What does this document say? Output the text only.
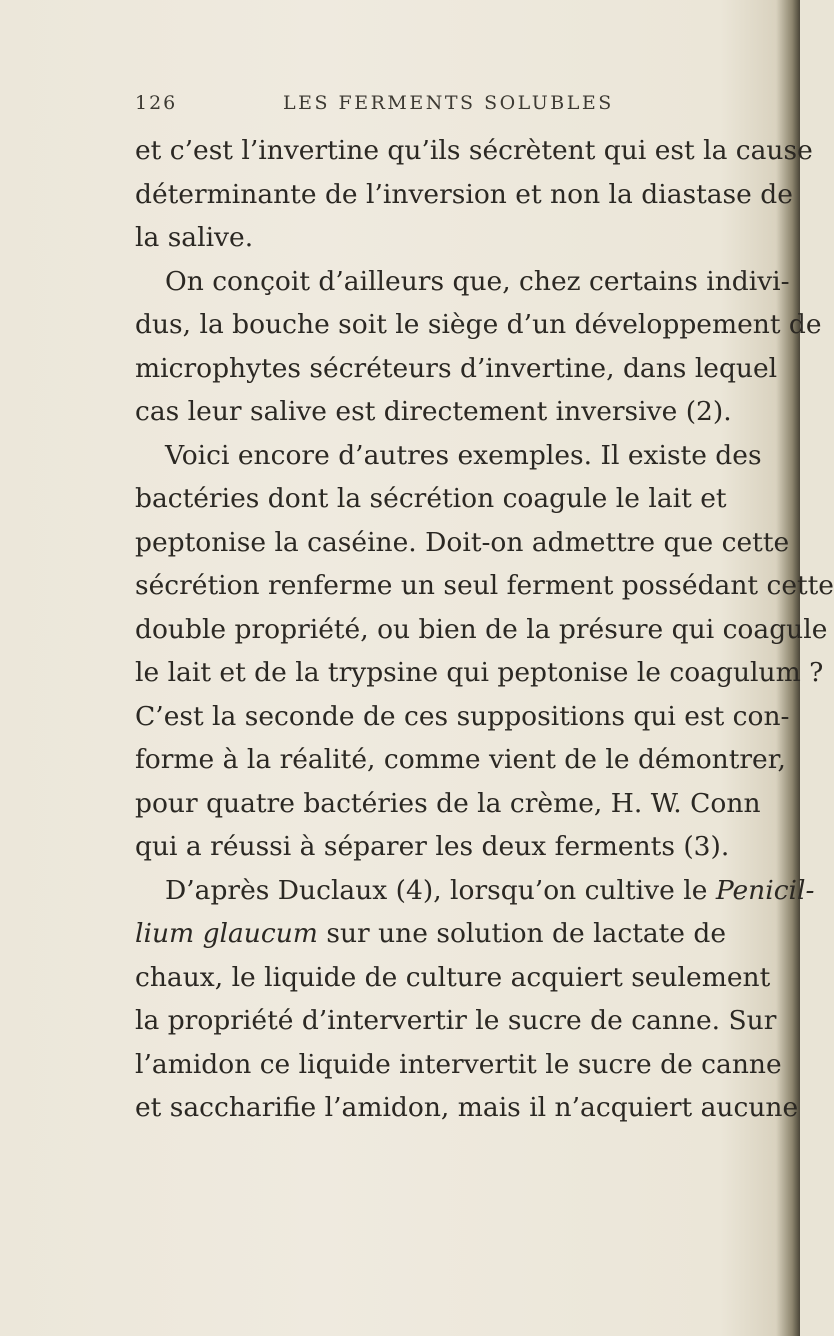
126	LES FERMENTS SOLUBLES

et c’est l’invertine qu’ils sécrètent qui est la cause
déterminante de l’inversion et non la diastase de
la salive.

On conçoit d’ailleurs que, chez certains indivi-
dus, la bouche soit le siège d’un développement de
microphytes sécréteurs d’invertine, dans lequel
cas leur salive est directement inversive (2).

Voici encore d’autres exemples. Il existe des
bactéries dont la sécrétion coagule le lait et
peptonise la caséine. Doit-on admettre que cette
sécrétion renferme un seul ferment possédant cette
double propriété, ou bien de la présure qui coagule
le lait et de la trypsine qui peptonise le coagulum ?
C’est la seconde de ces suppositions qui est con-
forme à la réalité, comme vient de le démontrer,
pour quatre bactéries de la crème, H. W. Conn
qui a réussi à séparer les deux ferments (3).

D’après Duclaux (4), lorsqu’on cultive le Penicil-
lium glaucum sur une solution de lactate de
chaux, le liquide de culture acquiert seulement
la propriété d’intervertir le sucre de canne. Sur
l’amidon ce liquide intervertit le sucre de canne
et saccharifie l’amidon, mais il n’acquiert aucune
